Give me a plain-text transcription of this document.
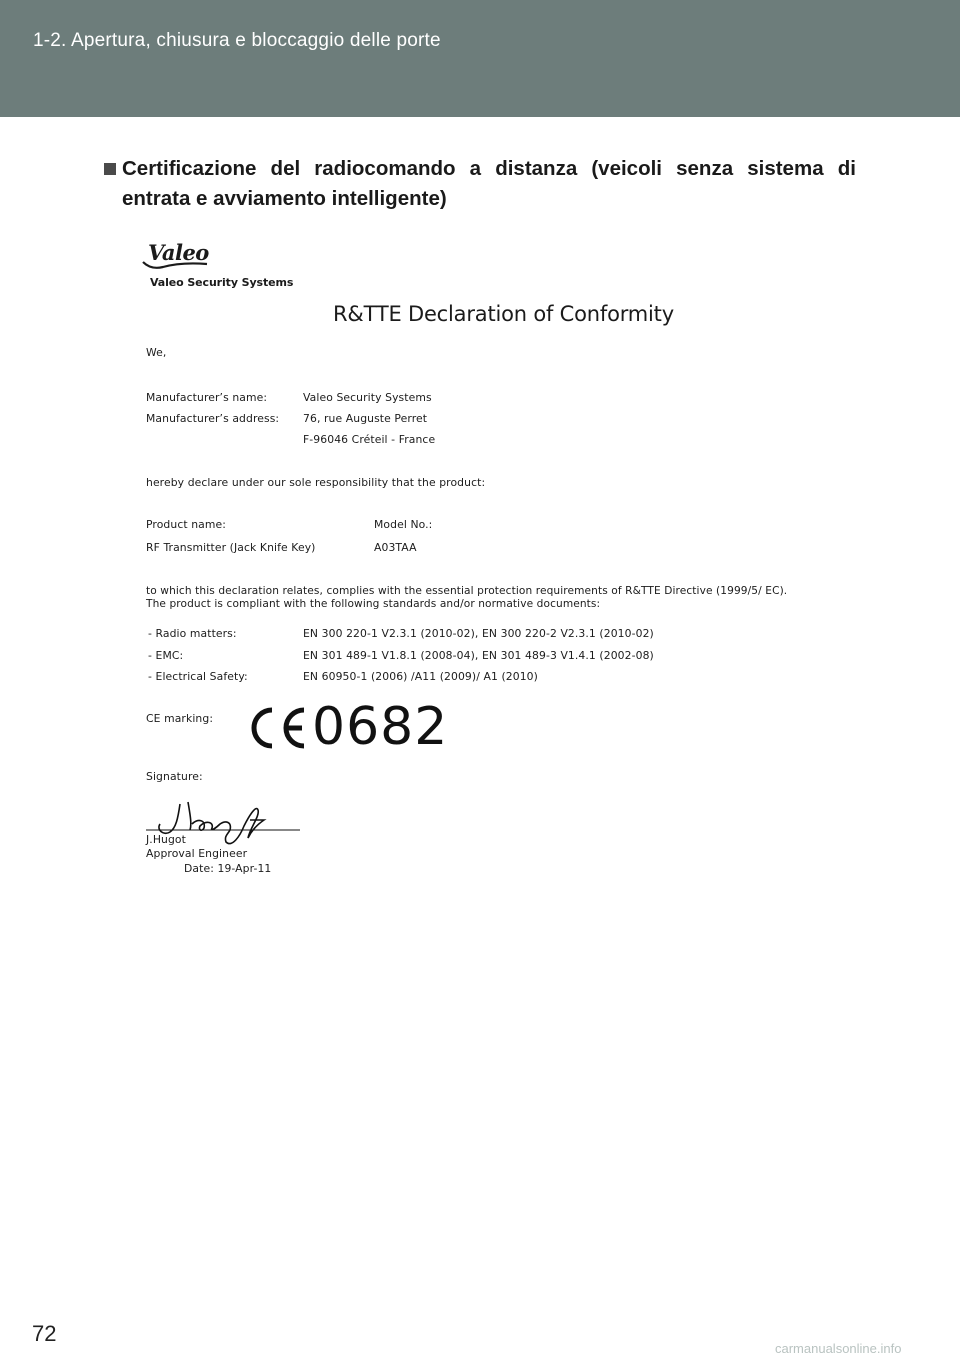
1-2. Apertura, chiusura e bloccaggio delle porte
Certificazione del radiocomando a distanza (veicoli senza sistema di
entrata e avviamento intelligente)
Valeo
Valeo Security Systems
R&TTE Declaration of Conformity
We,
Manufacturer’s name:	Valeo Security Systems
Manufacturer’s address: 76, rue Auguste Perret
F-96046 Créteil - France
hereby declare under our sole responsibility that the product:
Product name:	Model No.:
RF Transmitter (Jack Knife Key)	A03TAA
to which this declaration relates, complies with the essential protection requirements of R&TTE Directive (1999/5/ EC).
The product is compliant with the following standards and/or normative documents:
- Radio matters:	EN 300 220-1 V2.3.1 (2010-02), EN 300 220-2 V2.3.1 (2010-02)
- EMC:	EN 301 489-1 V1.8.1 (2008-04), EN 301 489-3 V1.4.1 (2002-08)
- Electrical Safety:	EN 60950-1 (2006) /A11 (2009)/ A1 (2010)
CE marking: 0682
Signature:
J.Hugot
Approval Engineer
Date: 19-Apr-11
72
carmanualsonline.info
